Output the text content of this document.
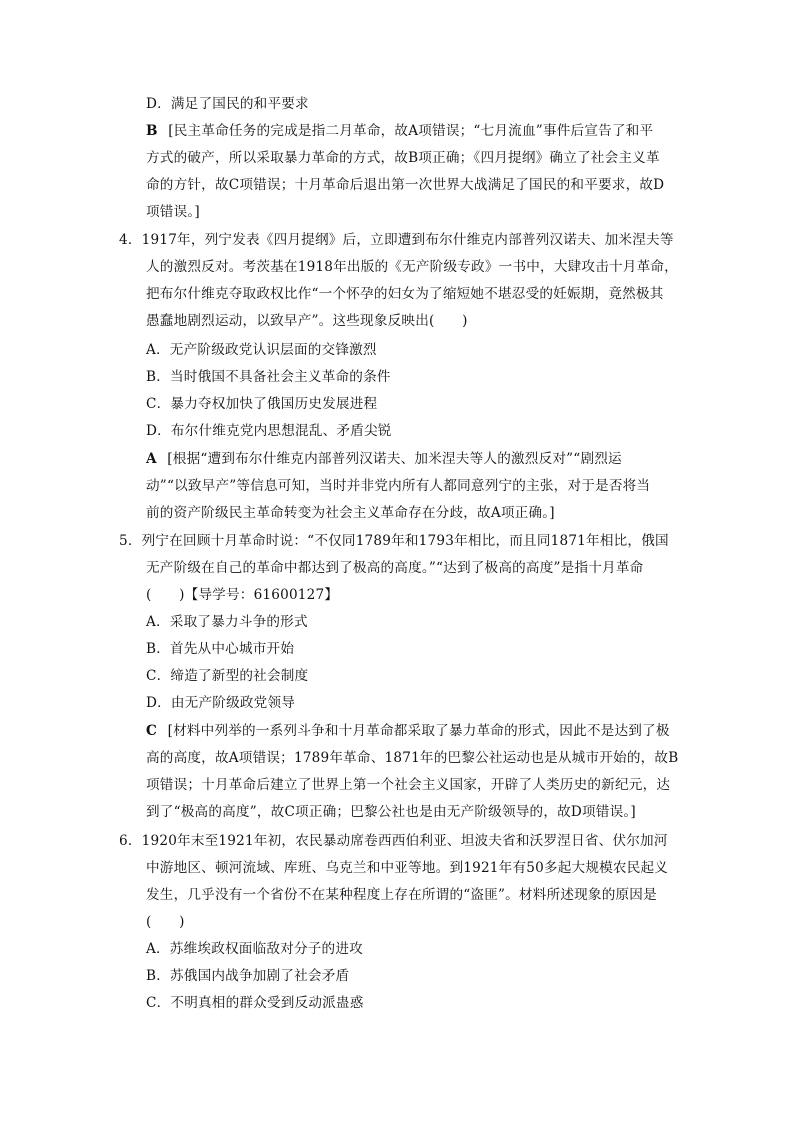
D．满足了国民的和平要求
B [民主革命任务的完成是指二月革命，故A项错误；“七月流血”事件后宣告了和平
方式的破产，所以采取暴力革命的方式，故B项正确；《四月提纲》确立了社会主义革
命的方针，故C项错误；十月革命后退出第一次世界大战满足了国民的和平要求，故D
项错误。]
4．1917年，列宁发表《四月提纲》后，立即遭到布尔什维克内部普列汉诺夫、加米涅夫等
人的激烈反对。考茨基在1918年出版的《无产阶级专政》一书中，大肆攻击十月革命，
把布尔什维克夺取政权比作“一个怀孕的妇女为了缩短她不堪忍受的妊娠期，竟然极其
愚蠢地剧烈运动，以致早产”。这些现象反映出(　　)
A．无产阶级政党认识层面的交锋激烈
B．当时俄国不具备社会主义革命的条件
C．暴力夺权加快了俄国历史发展进程
D．布尔什维克党内思想混乱、矛盾尖锐
A [根据“遭到布尔什维克内部普列汉诺夫、加米涅夫等人的激烈反对”“剧烈运
动”“以致早产”等信息可知，当时并非党内所有人都同意列宁的主张，对于是否将当
前的资产阶级民主革命转变为社会主义革命存在分歧，故A项正确。]
5．列宁在回顾十月革命时说：“不仅同1789年和1793年相比，而且同1871年相比，俄国
无产阶级在自己的革命中都达到了极高的高度。”“达到了极高的高度”是指十月革命
(　　)【导学号：61600127】
A．采取了暴力斗争的形式
B．首先从中心城市开始
C．缔造了新型的社会制度
D．由无产阶级政党领导
C [材料中列举的一系列斗争和十月革命都采取了暴力革命的形式，因此不是达到了极
高的高度，故A项错误；1789年革命、1871年的巴黎公社运动也是从城市开始的，故B
项错误；十月革命后建立了世界上第一个社会主义国家，开辟了人类历史的新纪元，达
到了“极高的高度”，故C项正确；巴黎公社也是由无产阶级领导的，故D项错误。]
6．1920年末至1921年初，农民暴动席卷西西伯利亚、坦波夫省和沃罗涅日省、伏尔加河
中游地区、顿河流域、库班、乌克兰和中亚等地。到1921年有50多起大规模农民起义
发生，几乎没有一个省份不在某种程度上存在所谓的“盗匪”。材料所述现象的原因是
(　　)
A．苏维埃政权面临敌对分子的进攻
B．苏俄国内战争加剧了社会矛盾
C．不明真相的群众受到反动派蛊惑
